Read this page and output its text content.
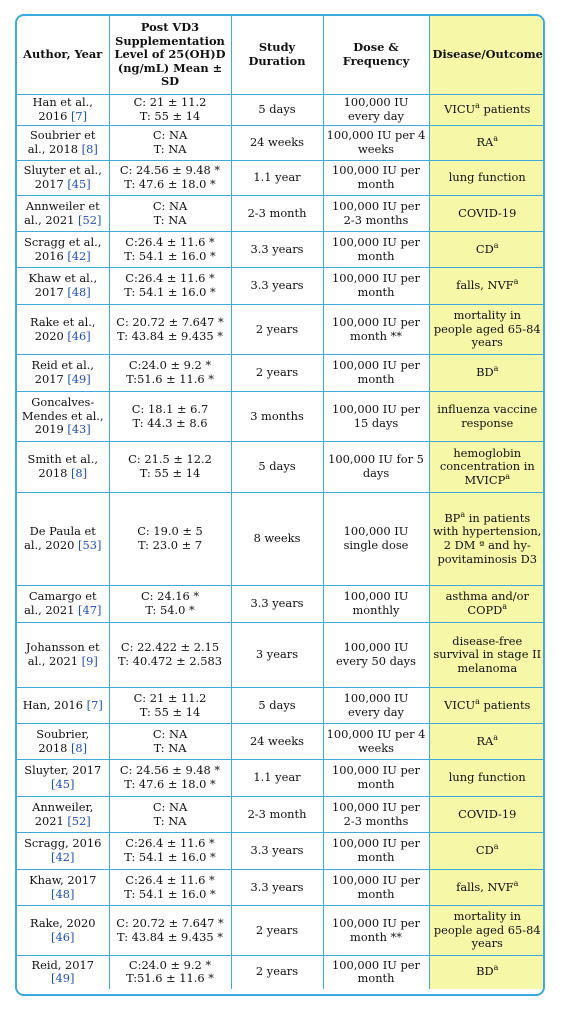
Author, Year	Post VD3 Supplementation Level of 25(OH)D (ng/mL) Mean ± SD	Study Duration	Dose & Frequency	Disease/Outcome
Han et al., 2016 [7]	C: 21 ± 11.2
T: 55 ± 14	5 days	100,000 IU every day	VICU$^a$ patients
Soubrier et al., 2018 [8]	C: NA
T: NA	24 weeks	100,000 IU per 4 weeks	$RA^a$
Sluyter et al., 2017 [45]	C: 24.56 ± 9.48 *
T: 47.6 ± 18.0 *	1.1 year	100,000 IU per month	lung function
Annweiler et al., 2021 [52]	C: NA
T: NA	2-3 month	100,000 IU per 2-3 months	COVID-19
Scragg et al., 2016 [42]	C:26.4 ± 11.6 *
T: 54.1 ± 16.0 *	3.3 years	100,000 IU per month	$CD^a$
Khaw et al., 2017 [48]	C:26.4 ± 11.6 *
T: 54.1 ± 16.0 *	3.3 years	100,000 IU per month	falls, NVF$^a$
Rake et al., 2020 [46]	C: 20.72 ± 7.647 *
T: 43.84 ± 9.435 *	2 years	100,000 IU per month **	mortality in people aged 65-84 years
Reid et al., 2017 [49]	C:24.0 ± 9.2 *
T:51.6 ± 11.6 *	2 years	100,000 IU per month	$BD^a$
Goncalves-Mendes et al., 2019 [43]	C: 18.1 ± 6.7
T: 44.3 ± 8.6	3 months	100,000 IU per 15 days	influenza vaccine response
Smith et al., 2018 [8]	C: 21.5 ± 12.2
T: 55 ± 14	5 days	100,000 IU for 5 days	hemoglobin concentration in MVICP$^a$
De Paula et al., 2020 [53]	C: 19.0 ± 5
T: 23.0 ± 7	8 weeks	100,000 IU single dose	$BP^a$ in patients with hypertension, 2 DM ª and hy-povitaminosis D3
Camargo et al., 2021 [47]	C: 24.16 *
T: 54.0 *	3.3 years	100,000 IU monthly	asthma and/or COPD$^a$
Johansson et al., 2021 [9]	C: 22.422 ± 2.15
T: 40.472 ± 2.583	3 years	100,000 IU every 50 days	disease-free survival in stage II melanoma
Han, 2016 [7]	C: 21 ± 11.2
T: 55 ± 14	5 days	100,000 IU every day	VICU$^a$ patients
Soubrier, 2018 [8]	C: NA
T: NA	24 weeks	100,000 IU per 4 weeks	$RA^a$
Sluyter, 2017 [45]	C: 24.56 ± 9.48 *
T: 47.6 ± 18.0 *	1.1 year	100,000 IU per month	lung function
Annweiler, 2021 [52]	C: NA
T: NA	2-3 month	100,000 IU per 2-3 months	COVID-19
Scragg, 2016 [42]	C:26.4 ± 11.6 *
T: 54.1 ± 16.0 *	3.3 years	100,000 IU per month	$CD^a$
Khaw, 2017 [48]	C:26.4 ± 11.6 *
T: 54.1 ± 16.0 *	3.3 years	100,000 IU per month	falls, NVF$^a$
Rake, 2020 [46]	C: 20.72 ± 7.647 *
T: 43.84 ± 9.435 *	2 years	100,000 IU per month **	mortality in people aged 65-84 years
Reid, 2017 [49]	C:24.0 ± 9.2 *
T:51.6 ± 11.6 *	2 years	100,000 IU per month	$BD^a$
